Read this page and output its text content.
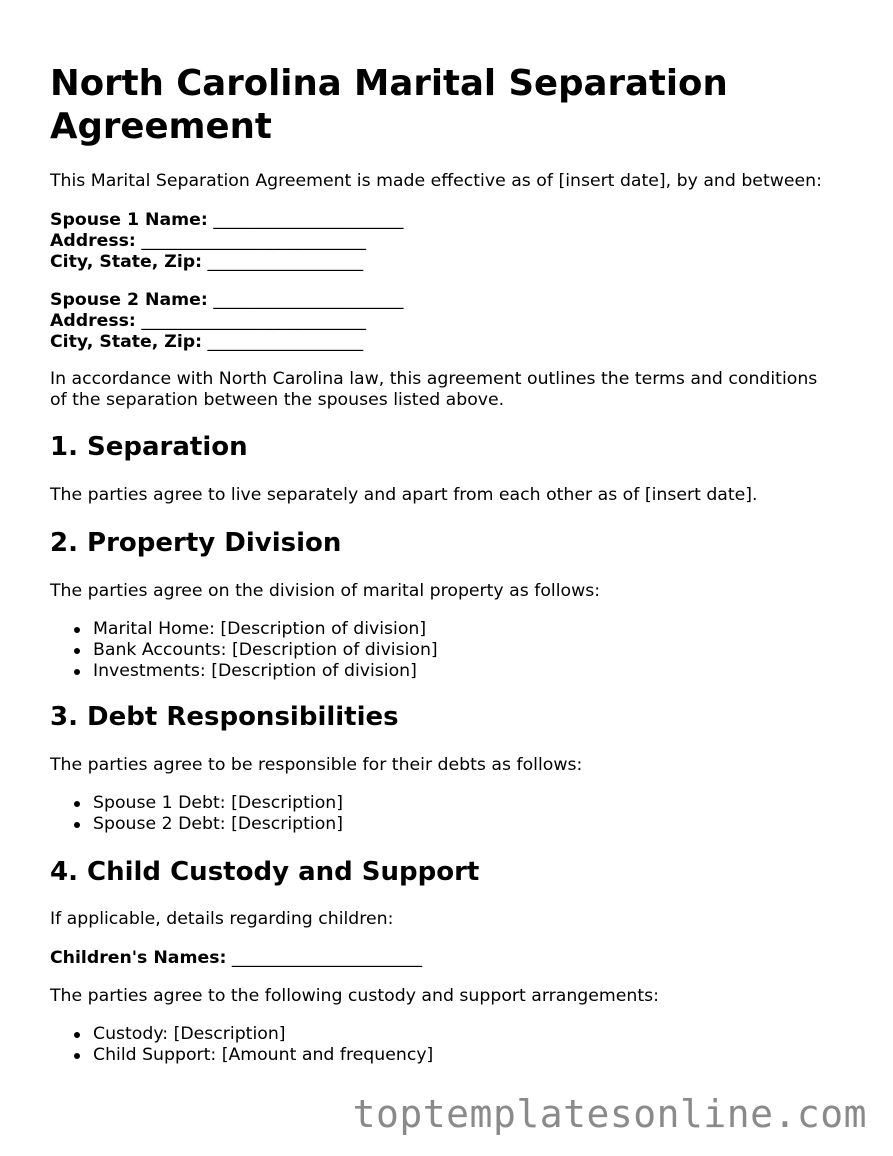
North Carolina Marital Separation Agreement
This Marital Separation Agreement is made effective as of [insert date], by and between:
Spouse 1 Name: ______________________
Address: __________________________
City, State, Zip: __________________
Spouse 2 Name: ______________________
Address: __________________________
City, State, Zip: __________________
In accordance with North Carolina law, this agreement outlines the terms and conditions
of the separation between the spouses listed above.
1. Separation
The parties agree to live separately and apart from each other as of [insert date].
2. Property Division
The parties agree on the division of marital property as follows:
Marital Home: [Description of division]
Bank Accounts: [Description of division]
Investments: [Description of division]
3. Debt Responsibilities
The parties agree to be responsible for their debts as follows:
Spouse 1 Debt: [Description]
Spouse 2 Debt: [Description]
4. Child Custody and Support
If applicable, details regarding children:
Children's Names: ______________________
The parties agree to the following custody and support arrangements:
Custody: [Description]
Child Support: [Amount and frequency]
toptemplatesonline.com
